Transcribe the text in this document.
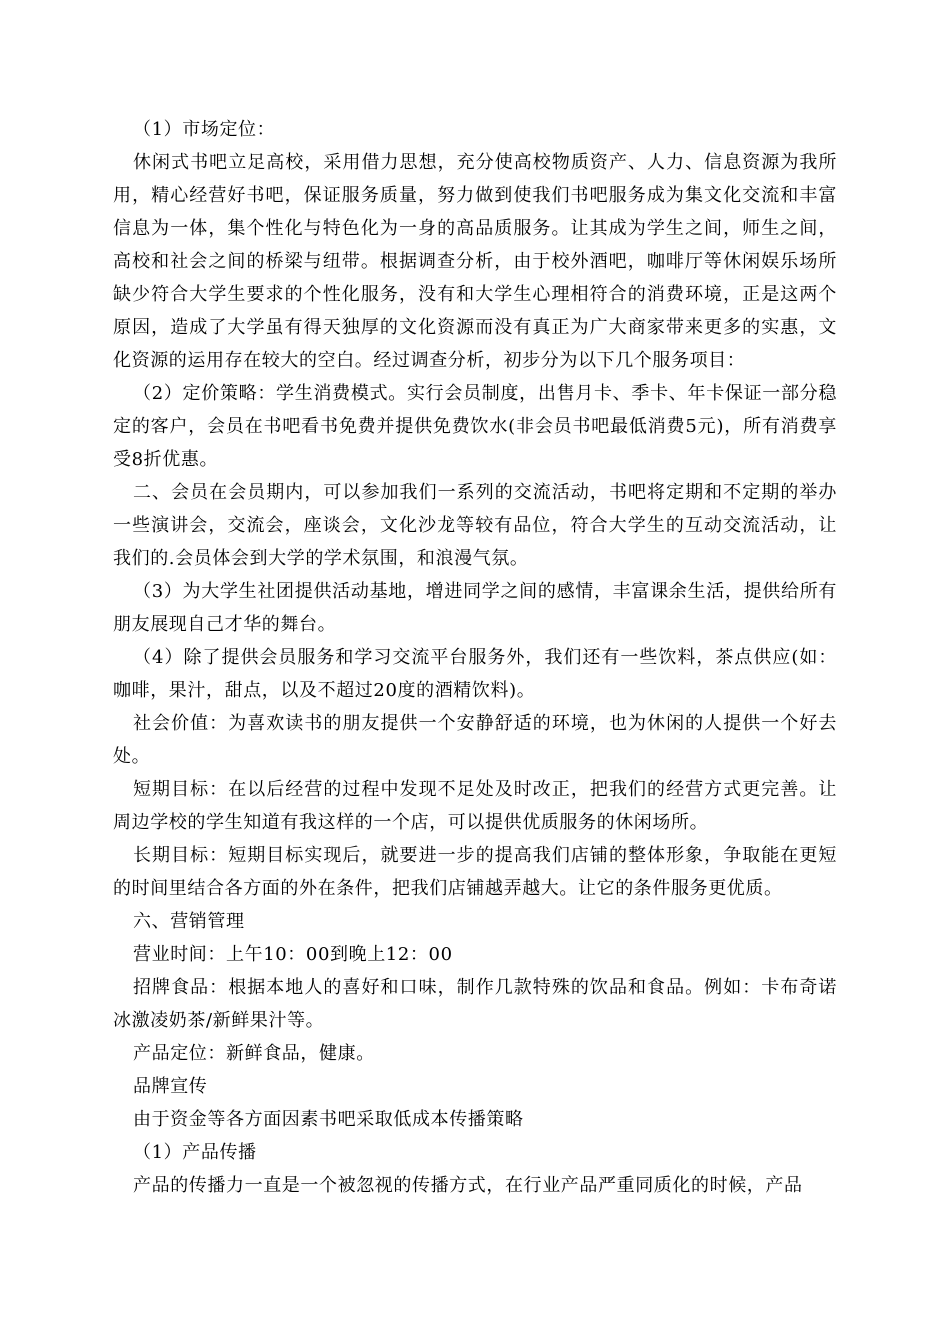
（1）市场定位：

休闲式书吧立足高校，采用借力思想，充分使高校物质资产、人力、信息资源为我所用，精心经营好书吧，保证服务质量，努力做到使我们书吧服务成为集文化交流和丰富信息为一体，集个性化与特色化为一身的高品质服务。让其成为学生之间，师生之间，高校和社会之间的桥梁与纽带。根据调查分析，由于校外酒吧，咖啡厅等休闲娱乐场所缺少符合大学生要求的个性化服务，没有和大学生心理相符合的消费环境，正是这两个原因，造成了大学虽有得天独厚的文化资源而没有真正为广大商家带来更多的实惠，文化资源的运用存在较大的空白。经过调查分析，初步分为以下几个服务项目：

（2）定价策略：学生消费模式。实行会员制度，出售月卡、季卡、年卡保证一部分稳定的客户，会员在书吧看书免费并提供免费饮水(非会员书吧最低消费5元)，所有消费享受8折优惠。

二、会员在会员期内，可以参加我们一系列的交流活动，书吧将定期和不定期的举办一些演讲会，交流会，座谈会，文化沙龙等较有品位，符合大学生的互动交流活动，让我们的.会员体会到大学的学术氛围，和浪漫气氛。

（3）为大学生社团提供活动基地，增进同学之间的感情，丰富课余生活，提供给所有朋友展现自己才华的舞台。

（4）除了提供会员服务和学习交流平台服务外，我们还有一些饮料，茶点供应(如：咖啡，果汁，甜点，以及不超过20度的酒精饮料)。

社会价值：为喜欢读书的朋友提供一个安静舒适的环境，也为休闲的人提供一个好去处。

短期目标：在以后经营的过程中发现不足处及时改正，把我们的经营方式更完善。让周边学校的学生知道有我这样的一个店，可以提供优质服务的休闲场所。

长期目标：短期目标实现后，就要进一步的提高我们店铺的整体形象，争取能在更短的时间里结合各方面的外在条件，把我们店铺越弄越大。让它的条件服务更优质。

六、营销管理

营业时间：上午10：00到晚上12：00

招牌食品：根据本地人的喜好和口味，制作几款特殊的饮品和食品。例如：卡布奇诺冰激凌奶茶/新鲜果汁等。

产品定位：新鲜食品，健康。

品牌宣传

由于资金等各方面因素书吧采取低成本传播策略

（1）产品传播

产品的传播力一直是一个被忽视的传播方式，在行业产品严重同质化的时候，产品
